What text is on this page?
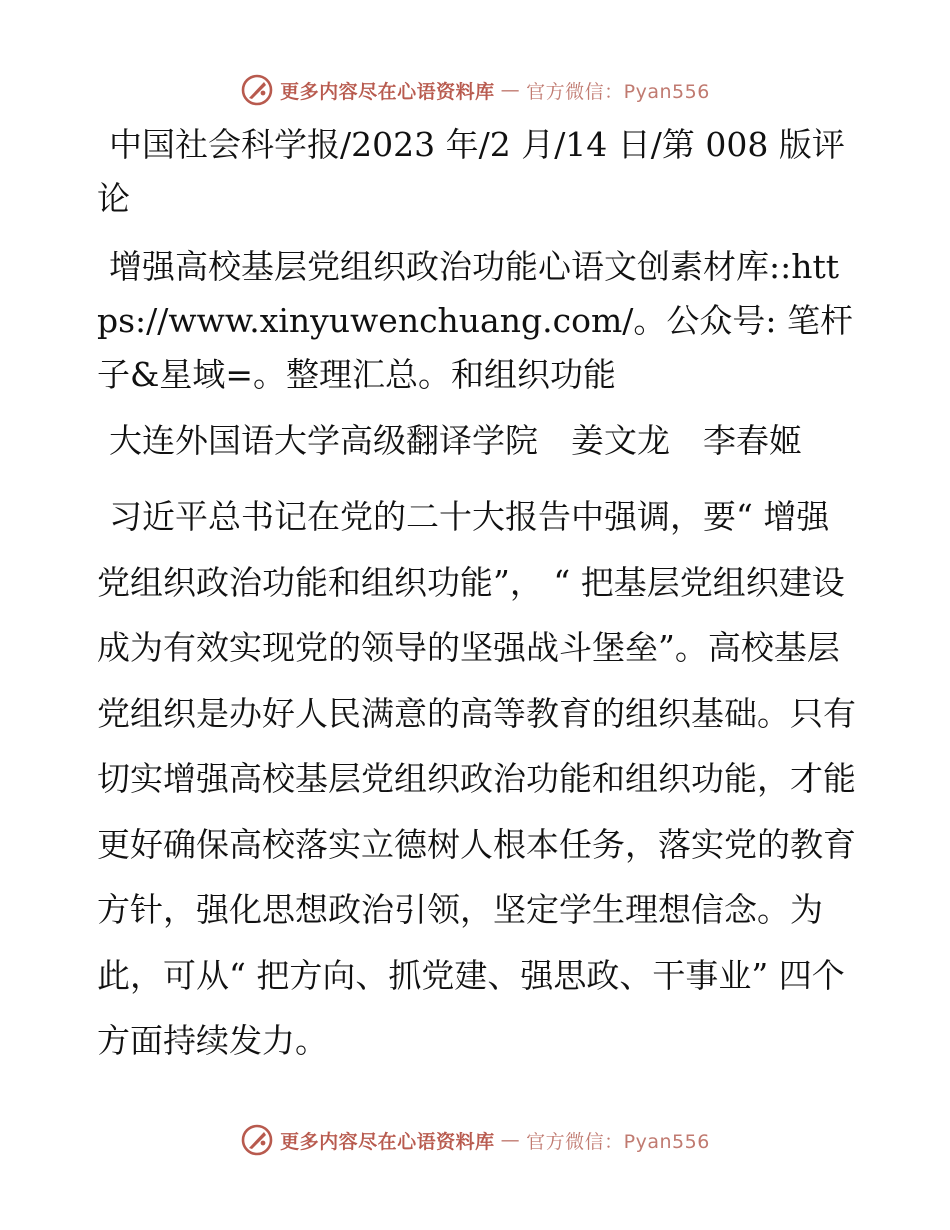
更多内容尽在心语资料库 — 官方微信：Pyan556

中国社会科学报/2023 年/2 月/14 日/第 008 版评论

增强高校基层党组织政治功能心语文创素材库::https://www.xinyuwenchuang.com/。公众号: 笔杆子&星域=。整理汇总。和组织功能

大连外国语大学高级翻译学院　姜文龙　李春姬

习近平总书记在党的二十大报告中强调，要“ 增强党组织政治功能和组织功能”， “ 把基层党组织建设成为有效实现党的领导的坚强战斗堡垒”。高校基层党组织是办好人民满意的高等教育的组织基础。只有切实增强高校基层党组织政治功能和组织功能，才能更好确保高校落实立德树人根本任务，落实党的教育方针，强化思想政治引领，坚定学生理想信念。为此，可从“ 把方向、抓党建、强思政、干事业” 四个方面持续发力。

更多内容尽在心语资料库 — 官方微信：Pyan556
